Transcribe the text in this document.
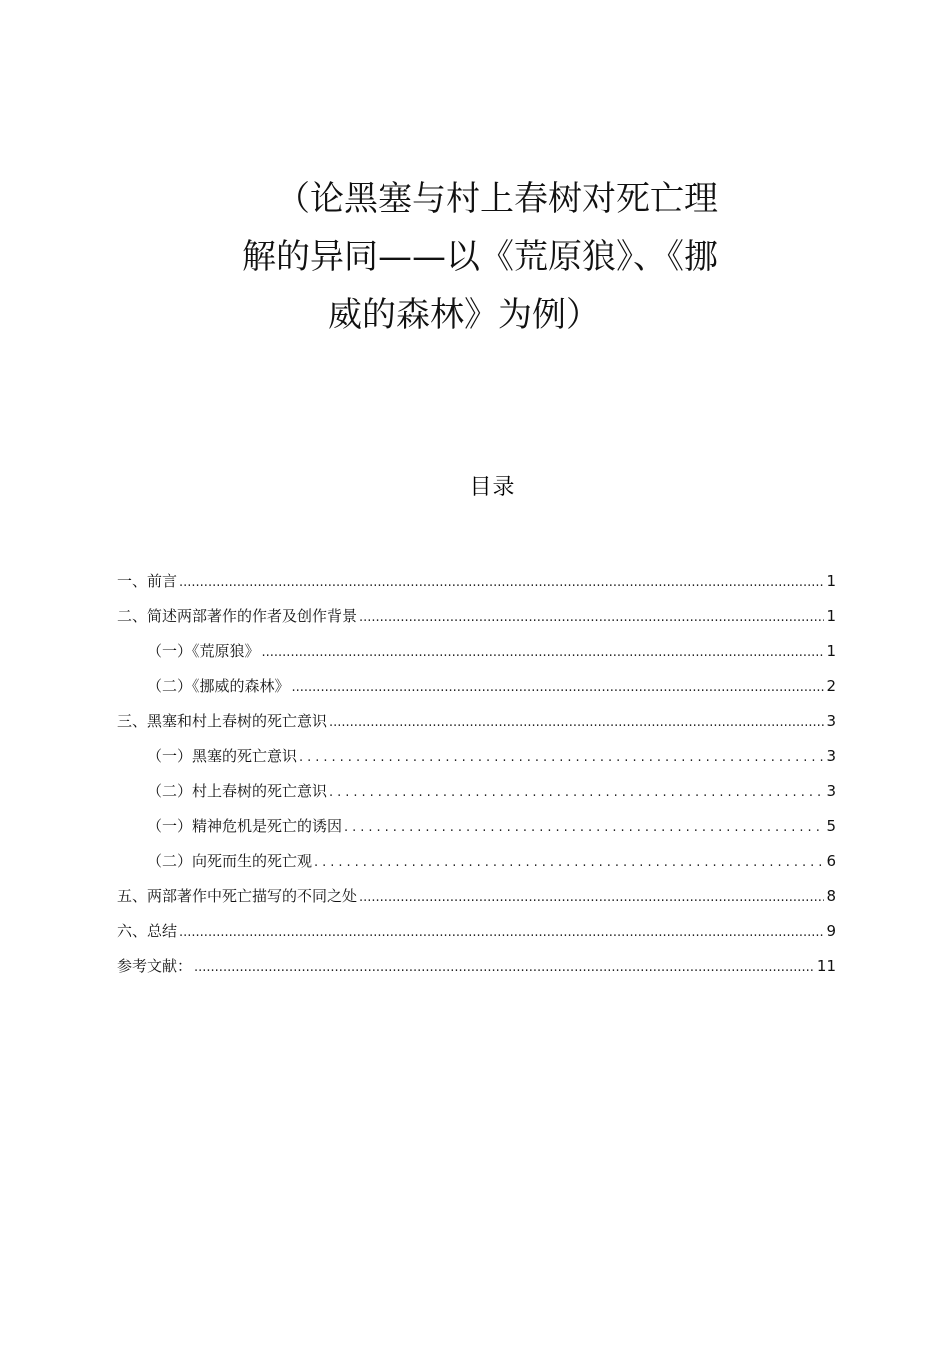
（论黑塞与村上春树对死亡理
解的异同——以《荒原狼》、《挪
威的森林》为例）
目录
一、前言 .....	1
二、简述两部著作的作者及创作背景 .....	1
（一）《荒原狼》 .....	1
（二）《挪威的森林》 .....	2
三、黑塞和村上春树的死亡意识 .....	3
（一）黑塞的死亡意识 .....	3
（二）村上春树的死亡意识 .....	3
（一）精神危机是死亡的诱因 .....	5
（二）向死而生的死亡观 .....	6
五、两部著作中死亡描写的不同之处 .....	8
六、总结 .....	9
参考文献： .....	11
